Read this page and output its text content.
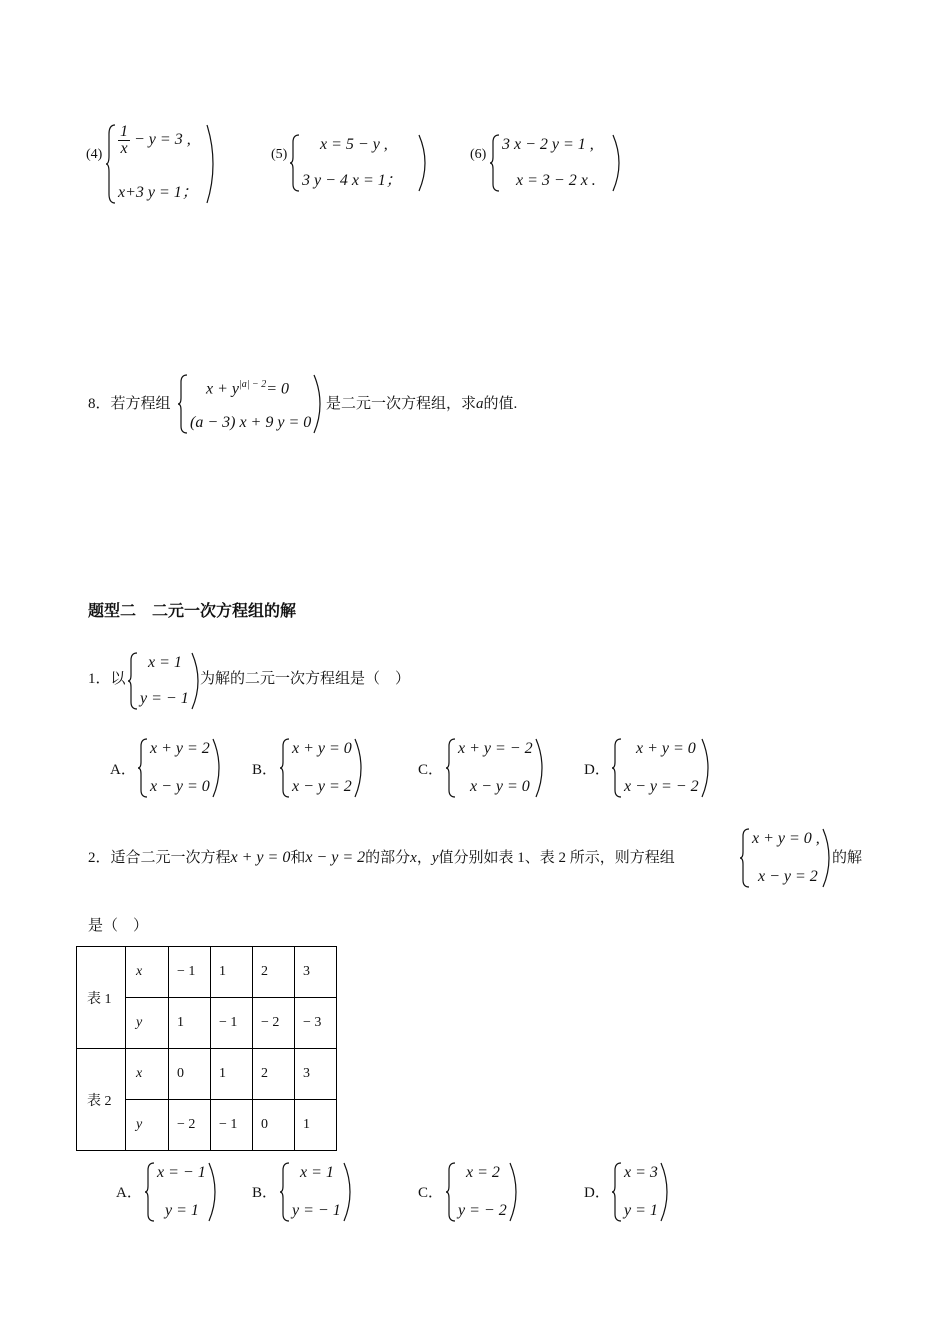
$(4) \frac{1}{x} - y = 3$ ,
x+3 y = 1；
(5)
x = 5 − y ,
3 y − 4 x = 1；
(6)
3 x − 2 y = 1 ,
x = 3 − 2 x .
8．若方程组
$x + y^{|a| - 2}= 0$
(a − 3) x + 9 y = 0
是二元一次方程组，求a的值.
题型二　二元一次方程组的解
1．以
x = 1
y = − 1
为解的二元一次方程组是（　）
A．
x + y = 2
x − y = 0
B．
x + y = 0
x − y = 2
C．
x + y = − 2
x − y = 0
D．
x + y = 0
x − y = − 2
2．适合二元一次方程x + y = 0和x − y = 2的部分x，y值分别如表 1、表 2 所示，则方程组
x + y = 0 ,
x − y = 2
的解
是（　）
表 1	x	− 1	1	2	3
	y	1	− 1	− 2	− 3
表 2	x	0	1	2	3
	y	− 2	− 1	0	1
A．
x = − 1
y = 1
B．
x = 1
y = − 1
C．
x = 2
y = − 2
D．
x = 3
y = 1
